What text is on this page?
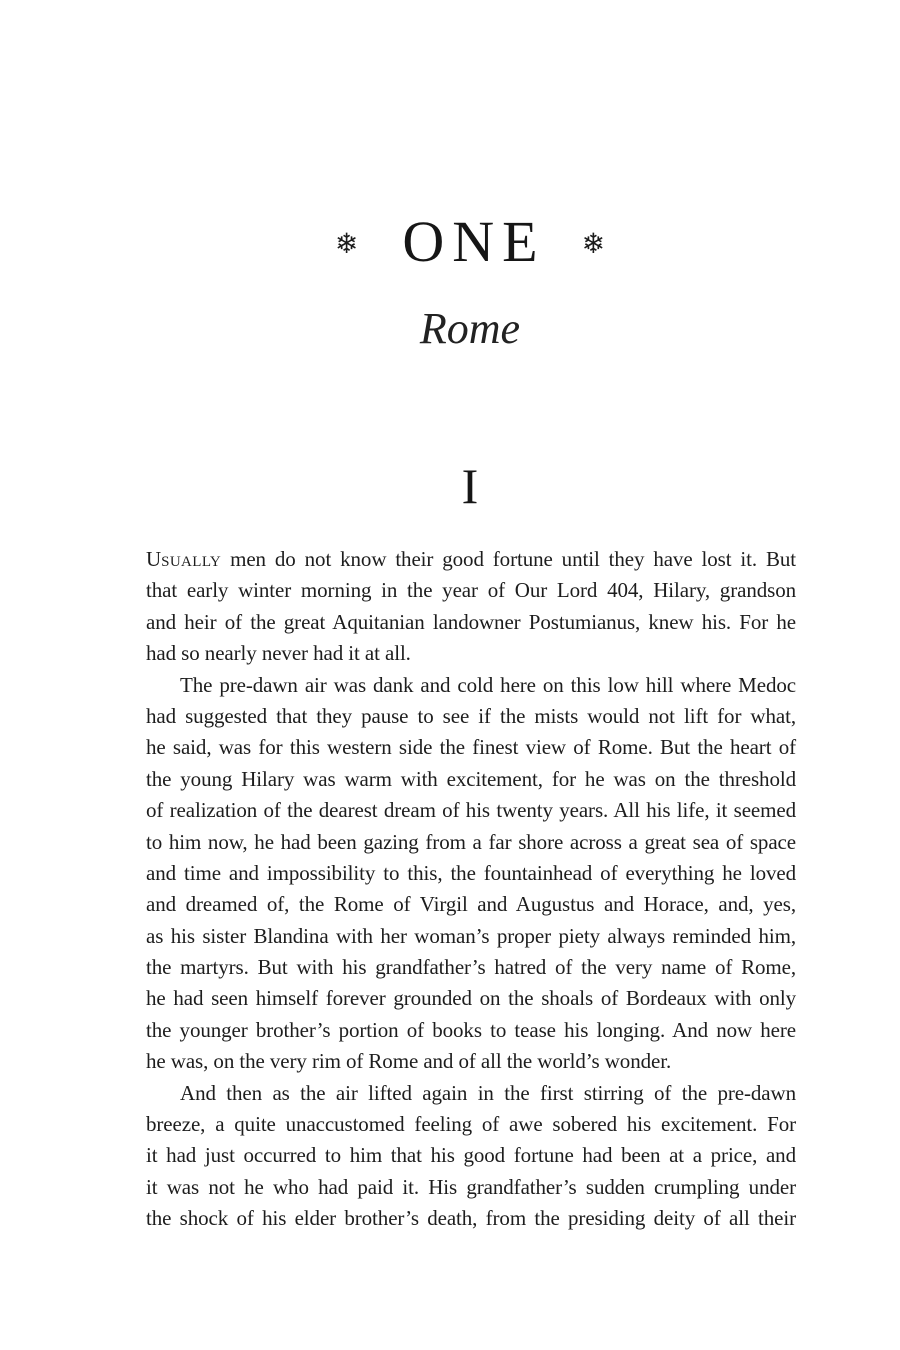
❄ ONE ❄
Rome
I
Usually men do not know their good fortune until they have lost it. But
that early winter morning in the year of Our Lord 404, Hilary, grandson
and heir of the great Aquitanian landowner Postumianus, knew his. For he
had so nearly never had it at all.
The pre-dawn air was dank and cold here on this low hill where Medoc
had suggested that they pause to see if the mists would not lift for what,
he said, was for this western side the finest view of Rome. But the heart of
the young Hilary was warm with excitement, for he was on the threshold
of realization of the dearest dream of his twenty years. All his life, it seemed
to him now, he had been gazing from a far shore across a great sea of space
and time and impossibility to this, the fountainhead of everything he loved
and dreamed of, the Rome of Virgil and Augustus and Horace, and, yes,
as his sister Blandina with her woman’s proper piety always reminded him,
the martyrs. But with his grandfather’s hatred of the very name of Rome,
he had seen himself forever grounded on the shoals of Bordeaux with only
the younger brother’s portion of books to tease his longing. And now here
he was, on the very rim of Rome and of all the world’s wonder.
And then as the air lifted again in the first stirring of the pre-dawn
breeze, a quite unaccustomed feeling of awe sobered his excitement. For
it had just occurred to him that his good fortune had been at a price, and
it was not he who had paid it. His grandfather’s sudden crumpling under
the shock of his elder brother’s death, from the presiding deity of all their
